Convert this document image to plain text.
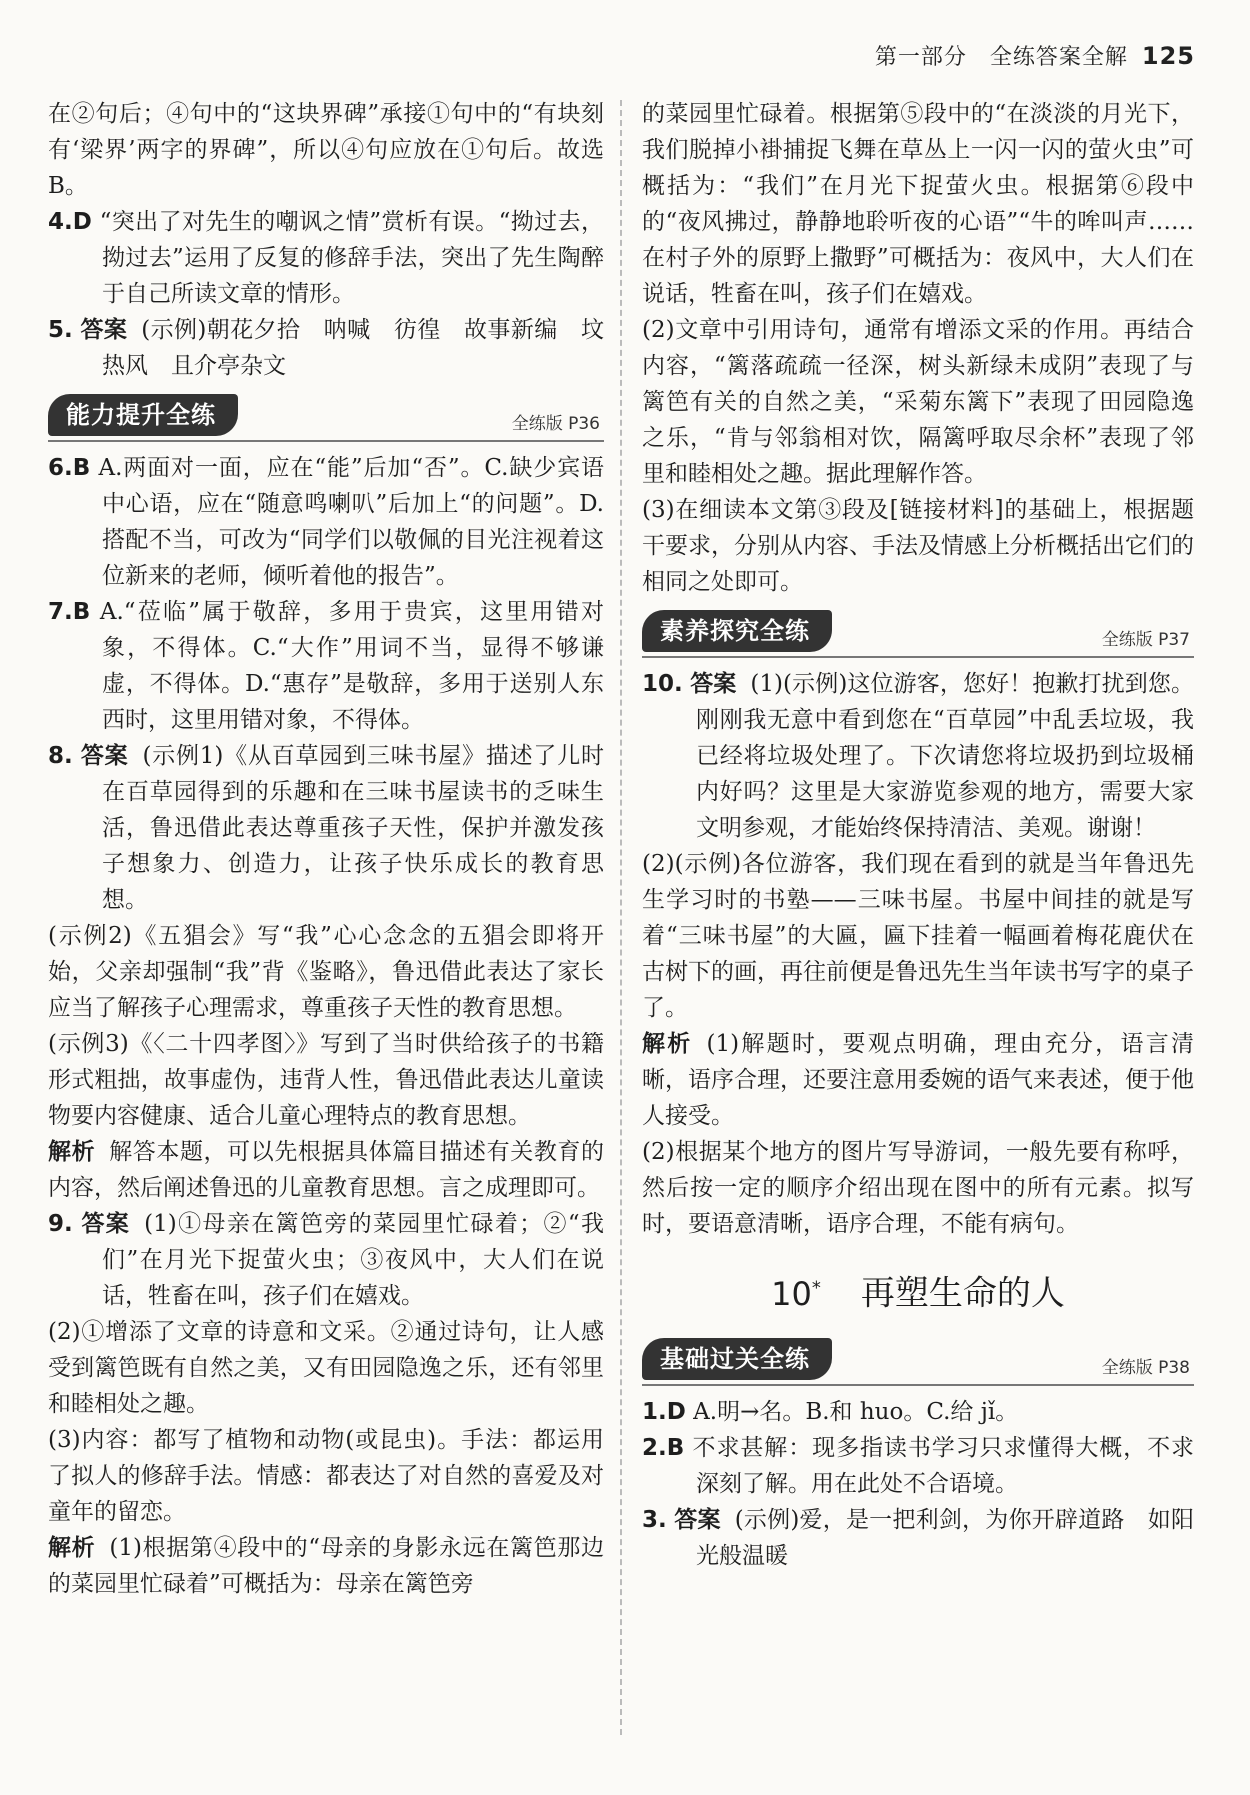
第一部分　全练答案全解 125

在②句后；④句中的“这块界碑”承接①句中的“有块刻有‘梁界’两字的界碑”，所以④句应放在①句后。故选 B。

4.D “突出了对先生的嘲讽之情”赏析有误。“拗过去，拗过去”运用了反复的修辞手法，突出了先生陶醉于自己所读文章的情形。

5. 答案 (示例)朝花夕拾　呐喊　彷徨　故事新编　坟　热风　且介亭杂文

能力提升全练	全练版 P36

6.B A.两面对一面，应在“能”后加“否”。C.缺少宾语中心语，应在“随意鸣喇叭”后加上“的问题”。D.搭配不当，可改为“同学们以敬佩的目光注视着这位新来的老师，倾听着他的报告”。

7.B A.“莅临”属于敬辞，多用于贵宾，这里用错对象，不得体。C.“大作”用词不当，显得不够谦虚，不得体。D.“惠存”是敬辞，多用于送别人东西时，这里用错对象，不得体。

8. 答案 (示例1)《从百草园到三味书屋》描述了儿时在百草园得到的乐趣和在三味书屋读书的乏味生活，鲁迅借此表达尊重孩子天性，保护并激发孩子想象力、创造力，让孩子快乐成长的教育思想。

(示例2)《五猖会》写“我”心心念念的五猖会即将开始，父亲却强制“我”背《鉴略》，鲁迅借此表达了家长应当了解孩子心理需求，尊重孩子天性的教育思想。

(示例3)《〈二十四孝图〉》写到了当时供给孩子的书籍形式粗拙，故事虚伪，违背人性，鲁迅借此表达儿童读物要内容健康、适合儿童心理特点的教育思想。

解析 解答本题，可以先根据具体篇目描述有关教育的内容，然后阐述鲁迅的儿童教育思想。言之成理即可。

9. 答案 (1)①母亲在篱笆旁的菜园里忙碌着；②“我们”在月光下捉萤火虫；③夜风中，大人们在说话，牲畜在叫，孩子们在嬉戏。

(2)①增添了文章的诗意和文采。②通过诗句，让人感受到篱笆既有自然之美，又有田园隐逸之乐，还有邻里和睦相处之趣。

(3)内容：都写了植物和动物(或昆虫)。手法：都运用了拟人的修辞手法。情感：都表达了对自然的喜爱及对童年的留恋。

解析 (1)根据第④段中的“母亲的身影永远在篱笆那边的菜园里忙碌着”可概括为：母亲在篱笆旁

的菜园里忙碌着。根据第⑤段中的“在淡淡的月光下，我们脱掉小褂捕捉飞舞在草丛上一闪一闪的萤火虫”可概括为：“我们”在月光下捉萤火虫。根据第⑥段中的“夜风拂过，静静地聆听夜的心语”“牛的哞叫声……在村子外的原野上撒野”可概括为：夜风中，大人们在说话，牲畜在叫，孩子们在嬉戏。

(2)文章中引用诗句，通常有增添文采的作用。再结合内容，“篱落疏疏一径深，树头新绿未成阴”表现了与篱笆有关的自然之美，“采菊东篱下”表现了田园隐逸之乐，“肯与邻翁相对饮，隔篱呼取尽余杯”表现了邻里和睦相处之趣。据此理解作答。

(3)在细读本文第③段及[链接材料]的基础上，根据题干要求，分别从内容、手法及情感上分析概括出它们的相同之处即可。

素养探究全练	全练版 P37

10. 答案 (1)(示例)这位游客，您好！抱歉打扰到您。刚刚我无意中看到您在“百草园”中乱丢垃圾，我已经将垃圾处理了。下次请您将垃圾扔到垃圾桶内好吗？这里是大家游览参观的地方，需要大家文明参观，才能始终保持清洁、美观。谢谢！

(2)(示例)各位游客，我们现在看到的就是当年鲁迅先生学习时的书塾——三味书屋。书屋中间挂的就是写着“三味书屋”的大匾，匾下挂着一幅画着梅花鹿伏在古树下的画，再往前便是鲁迅先生当年读书写字的桌子了。

解析 (1)解题时，要观点明确，理由充分，语言清晰，语序合理，还要注意用委婉的语气来表述，便于他人接受。

(2)根据某个地方的图片写导游词，一般先要有称呼，然后按一定的顺序介绍出现在图中的所有元素。拟写时，要语意清晰，语序合理，不能有病句。

10* 再塑生命的人
基础过关全练	全练版 P38

1.D A.明→名。B.和 huo。C.给 jǐ。

2.B 不求甚解：现多指读书学习只求懂得大概，不求深刻了解。用在此处不合语境。

3. 答案 (示例)爱，是一把利剑，为你开辟道路　如阳光般温暖
